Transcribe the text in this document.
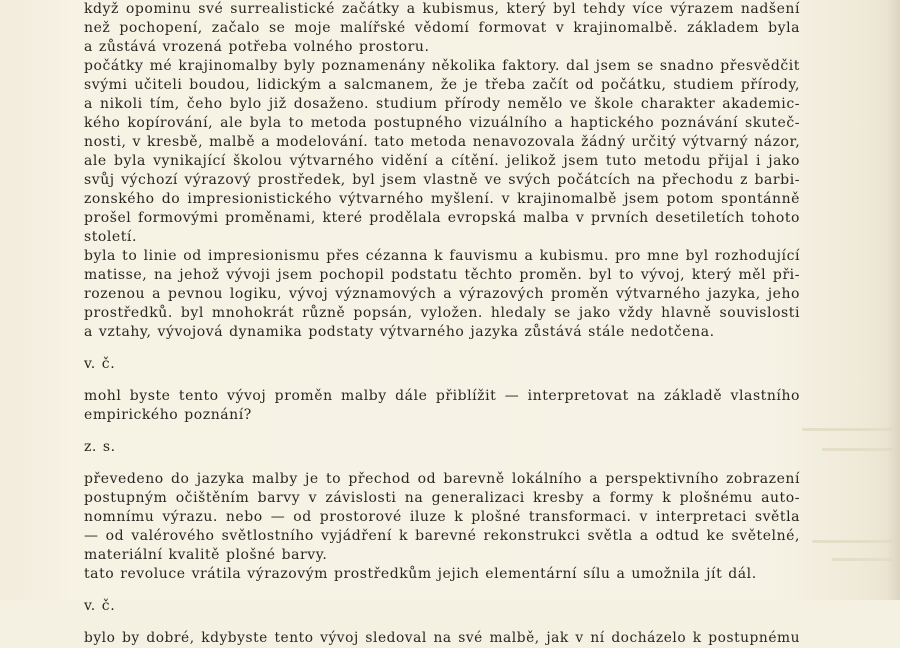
když opominu své surrealistické začátky a kubismus, který byl tehdy více výrazem nadšení
než pochopení, začalo se moje malířské vědomí formovat v krajinomalbě. základem byla
a zůstává vrozená potřeba volného prostoru.
počátky mé krajinomalby byly poznamenány několika faktory. dal jsem se snadno přesvědčit
svými učiteli boudou, lidickým a salcmanem, že je třeba začít od počátku, studiem přírody,
a nikoli tím, čeho bylo již dosaženo. studium přírody nemělo ve škole charakter akademic-
kého kopírování, ale byla to metoda postupného vizuálního a haptického poznávání skuteč-
nosti, v kresbě, malbě a modelování. tato metoda nenavozovala žádný určitý výtvarný názor,
ale byla vynikající školou výtvarného vidění a cítění. jelikož jsem tuto metodu přijal i jako
svůj výchozí výrazový prostředek, byl jsem vlastně ve svých počátcích na přechodu z barbi-
zonského do impresionistického výtvarného myšlení. v krajinomalbě jsem potom spontánně
prošel formovými proměnami, které prodělala evropská malba v prvních desetiletích tohoto
století.
byla to linie od impresionismu přes cézanna k fauvismu a kubismu. pro mne byl rozhodující
matisse, na jehož vývoji jsem pochopil podstatu těchto proměn. byl to vývoj, který měl při-
rozenou a pevnou logiku, vývoj významových a výrazových proměn výtvarného jazyka, jeho
prostředků. byl mnohokrát různě popsán, vyložen. hledaly se jako vždy hlavně souvislosti
a vztahy, vývojová dynamika podstaty výtvarného jazyka zůstává stále nedotčena.
v. č.
mohl byste tento vývoj proměn malby dále přiblížit — interpretovat na základě vlastního
empirického poznání?
z. s.
převedeno do jazyka malby je to přechod od barevně lokálního a perspektivního zobrazení
postupným očištěním barvy v závislosti na generalizaci kresby a formy k plošnému auto-
nomnímu výrazu. nebo — od prostorové iluze k plošné transformaci. v interpretaci světla
— od valérového světlostního vyjádření k barevné rekonstrukci světla a odtud ke světelné,
materiální kvalitě plošné barvy.
tato revoluce vrátila výrazovým prostředkům jejich elementární sílu a umožnila jít dál.
v. č.
bylo by dobré, kdybyste tento vývoj sledoval na své malbě, jak v ní docházelo k postupnému
